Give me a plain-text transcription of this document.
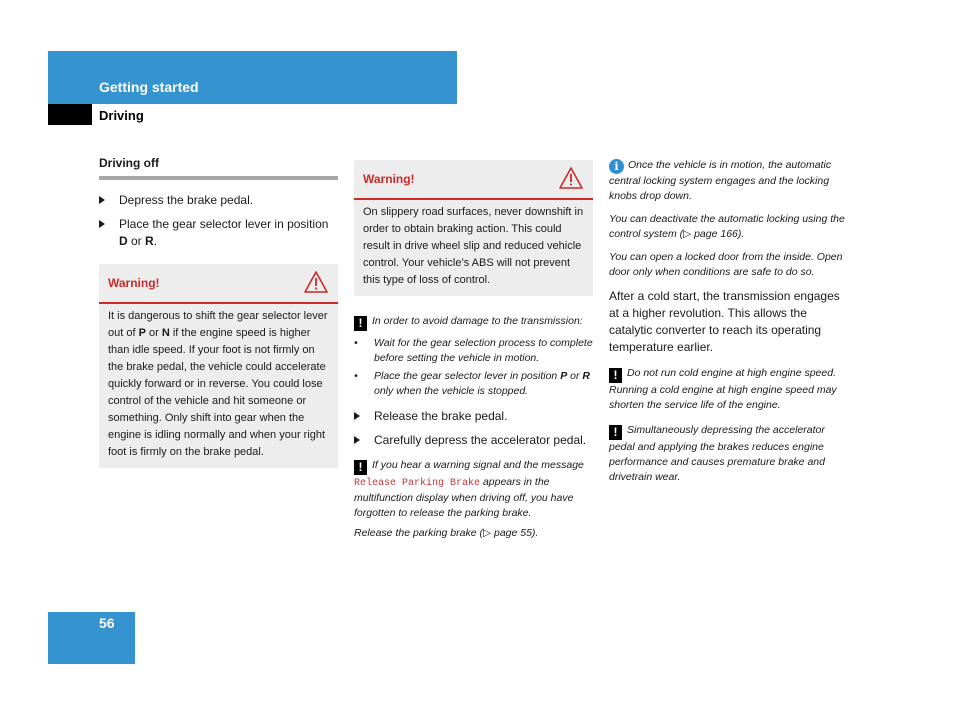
Getting started
Driving
Driving off
Depress the brake pedal.
Place the gear selector lever in position D or R.
Warning!
It is dangerous to shift the gear selector lever out of P or N if the engine speed is higher than idle speed. If your foot is not firmly on the brake pedal, the vehicle could accelerate quickly forward or in reverse. You could lose control of the vehicle and hit someone or something. Only shift into gear when the engine is idling normally and when your right foot is firmly on the brake pedal.
Warning!
On slippery road surfaces, never downshift in order to obtain braking action. This could result in drive wheel slip and reduced vehicle control. Your vehicle’s ABS will not prevent this type of loss of control.
! In order to avoid damage to the transmission:
• Wait for the gear selection process to complete before setting the vehicle in motion.
• Place the gear selector lever in position P or R only when the vehicle is stopped.
Release the brake pedal.
Carefully depress the accelerator pedal.
! If you hear a warning signal and the message Release Parking Brake appears in the multifunction display when driving off, you have forgotten to release the parking brake.
Release the parking brake (▷ page 55).
i Once the vehicle is in motion, the automatic central locking system engages and the locking knobs drop down.
You can deactivate the automatic locking using the control system (▷ page 166).
You can open a locked door from the inside. Open door only when conditions are safe to do so.
After a cold start, the transmission engages at a higher revolution. This allows the catalytic converter to reach its operating temperature earlier.
! Do not run cold engine at high engine speed. Running a cold engine at high engine speed may shorten the service life of the engine.
! Simultaneously depressing the accelerator pedal and applying the brakes reduces engine performance and causes premature brake and drivetrain wear.
56
